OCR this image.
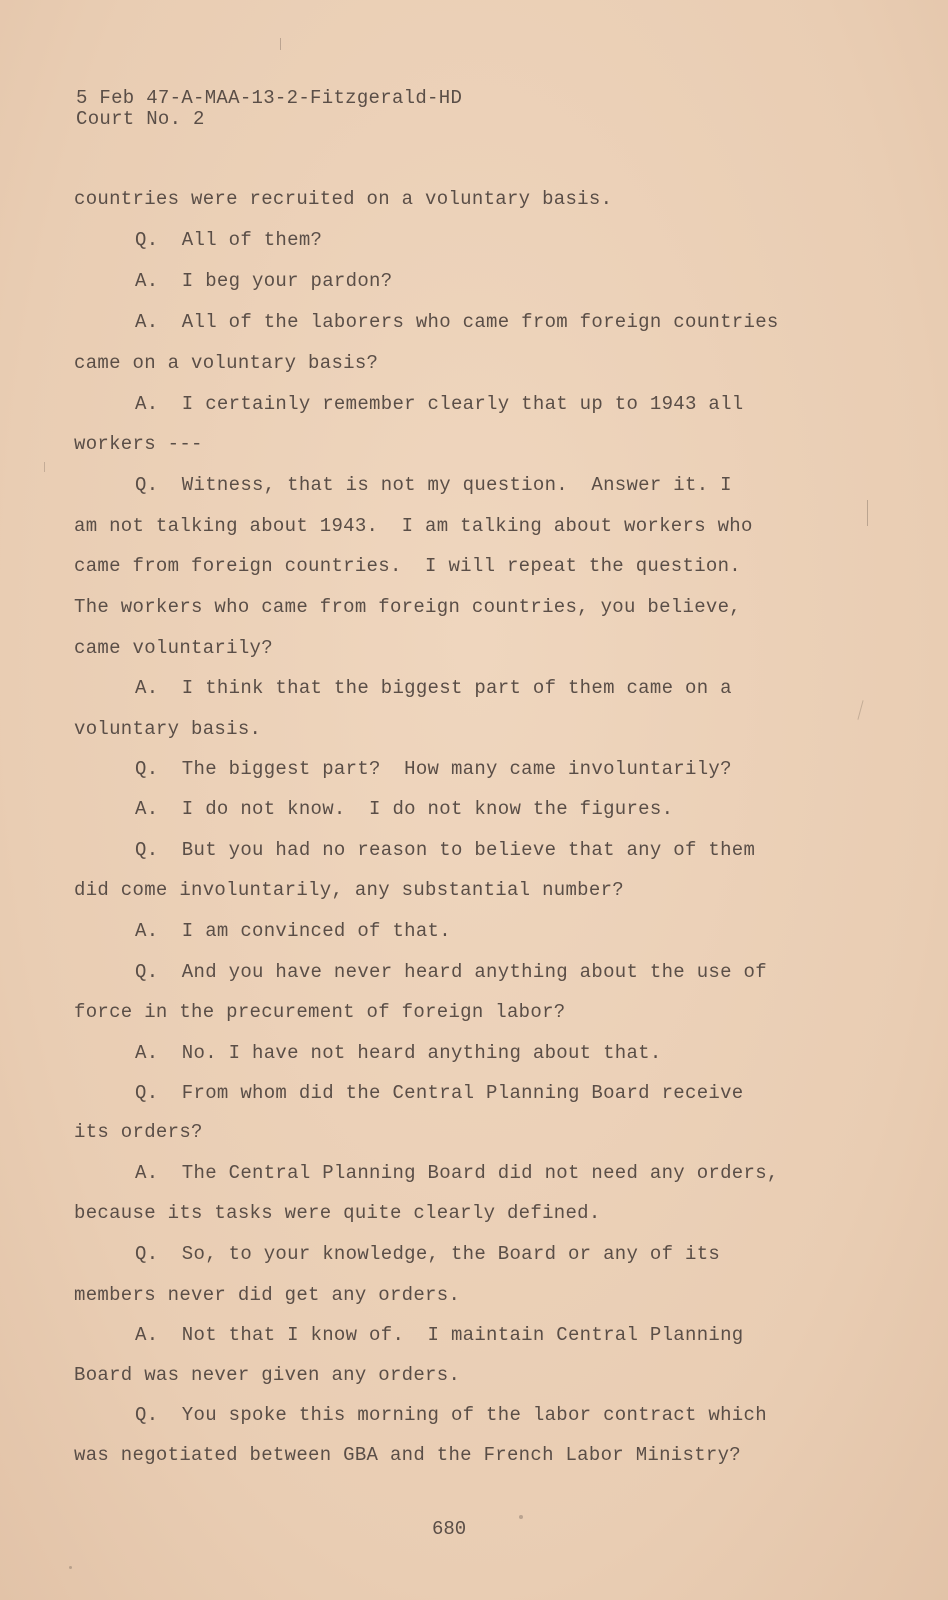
5 Feb 47-A-MAA-13-2-Fitzgerald-HD
Court No. 2
countries were recruited on a voluntary basis.
Q.  All of them?
A.  I beg your pardon?
A.  All of the laborers who came from foreign countries
came on a voluntary basis?
A.  I certainly remember clearly that up to 1943 all
workers ---
Q.  Witness, that is not my question.  Answer it. I
am not talking about 1943.  I am talking about workers who
came from foreign countries.  I will repeat the question.
The workers who came from foreign countries, you believe,
came voluntarily?
A.  I think that the biggest part of them came on a
voluntary basis.
Q.  The biggest part?  How many came involuntarily?
A.  I do not know.  I do not know the figures.
Q.  But you had no reason to believe that any of them
did come involuntarily, any substantial number?
A.  I am convinced of that.
Q.  And you have never heard anything about the use of
force in the precurement of foreign labor?
A.  No. I have not heard anything about that.
Q.  From whom did the Central Planning Board receive
its orders?
A.  The Central Planning Board did not need any orders,
because its tasks were quite clearly defined.
Q.  So, to your knowledge, the Board or any of its
members never did get any orders.
A.  Not that I know of.  I maintain Central Planning
Board was never given any orders.
Q.  You spoke this morning of the labor contract which
was negotiated between GBA and the French Labor Ministry?
680
